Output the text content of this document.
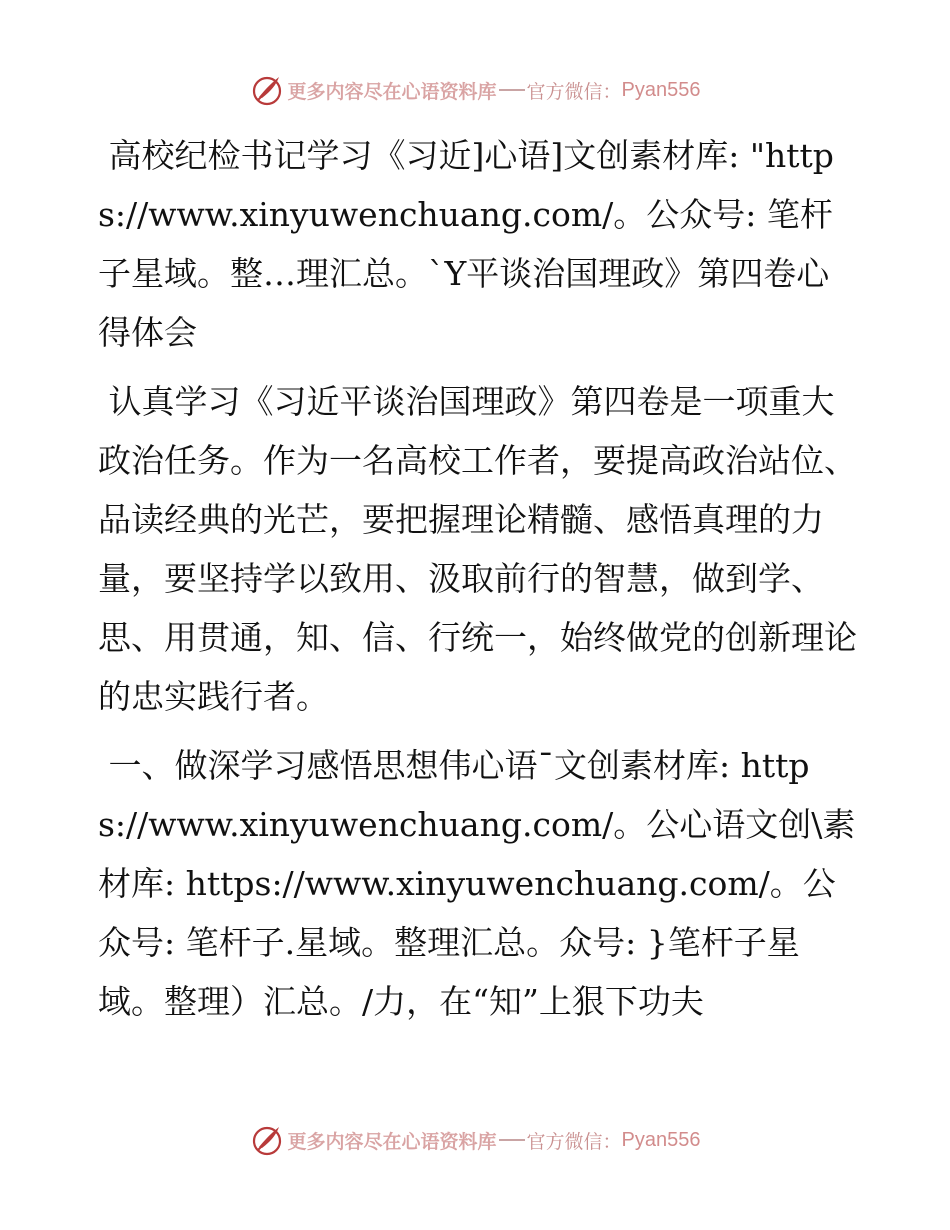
更多内容尽在心语资料库 官方微信： Pyan556

高校纪检书记学习《习近]心语]文创素材库: "https://www.xinyuwenchuang.com/。公众号: 笔杆子星域。整…理汇总。`Y平谈治国理政》第四卷心得体会

认真学习《习近平谈治国理政》第四卷是一项重大政治任务。作为一名高校工作者，要提高政治站位、品读经典的光芒，要把握理论精髓、感悟真理的力量，要坚持学以致用、汲取前行的智慧，做到学、思、用贯通，知、信、行统一，始终做党的创新理论的忠实践行者。

一、做深学习感悟思想伟心语¯文创素材库: https://www.xinyuwenchuang.com/。公心语文创\素材库: https://www.xinyuwenchuang.com/。公众号: 笔杆子.星域。整理汇总。众号: }笔杆子星域。整理）汇总。/力，在“知”上狠下功夫

更多内容尽在心语资料库 官方微信： Pyan556
